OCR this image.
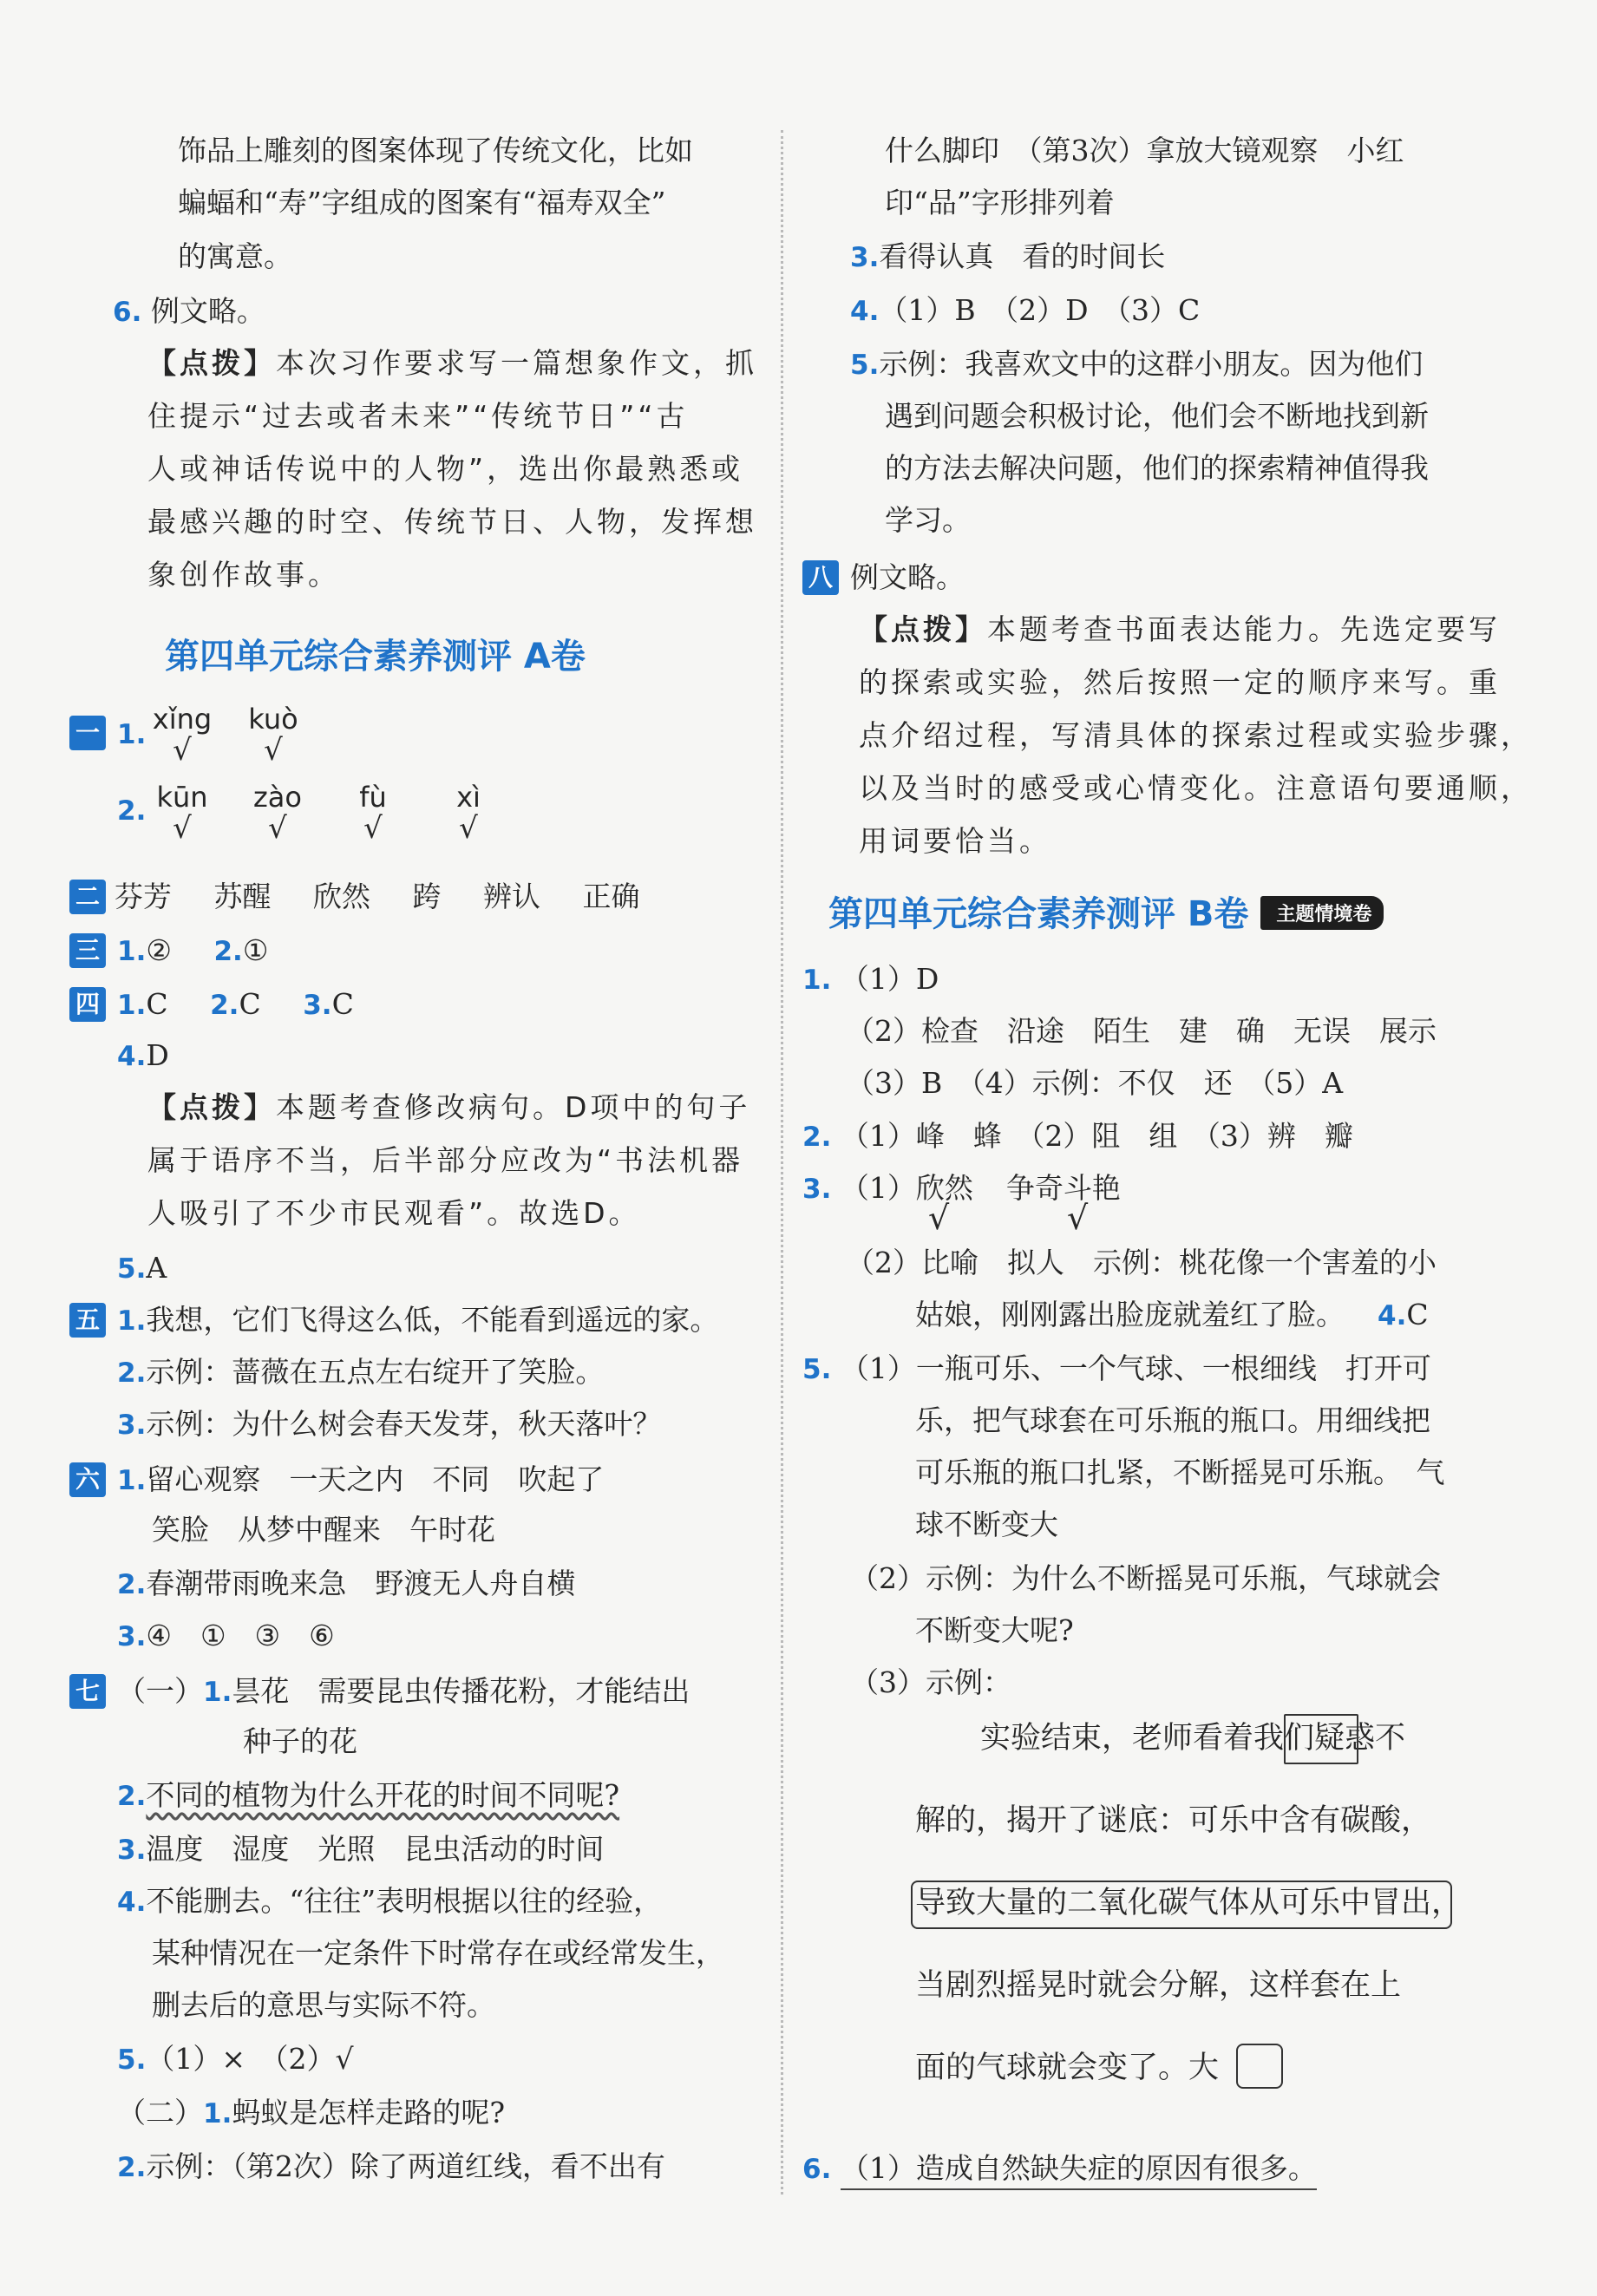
饰品上雕刻的图案体现了传统文化，比如
蝙蝠和“寿”字组成的图案有“福寿双全”
的寓意。
6. 例文略。
【点拨】本次习作要求写一篇想象作文，抓
住提示“过去或者未来”“传统节日”“古
人或神话传说中的人物”，选出你最熟悉或
最感兴趣的时空、传统节日、人物，发挥想
象创作故事。
第四单元综合素养测评 A卷
一 1. xǐng
√
kuò
√
2. kūn
√
zào
√
fù
√
xì
√
二 芬芳 苏醒 欣然 跨 辨认 正确
三 1.② 2.①
四 1.C 2.C 3.C
4.D
【点拨】本题考查修改病句。D项中的句子
属于语序不当，后半部分应改为“书法机器
人吸引了不少市民观看”。故选D。
5.A
五 1.我想，它们飞得这么低，不能看到遥远的家。
2.示例：蔷薇在五点左右绽开了笑脸。
3.示例：为什么树会春天发芽，秋天落叶？
六 1.留心观察　一天之内　不同　吹起了
笑脸　从梦中醒来　午时花
2.春潮带雨晚来急　野渡无人舟自横
3.④　①　③　⑥
七 （一）1.昙花　需要昆虫传播花粉，才能结出
种子的花
2.不同的植物为什么开花的时间不同呢?
3.温度　湿度　光照　昆虫活动的时间
4.不能删去。“往往”表明根据以往的经验，
某种情况在一定条件下时常存在或经常发生，
删去后的意思与实际不符。
5.（1）×　（2）√
（二）1.蚂蚁是怎样走路的呢?
2.示例：（第2次）除了两道红线，看不出有
什么脚印　（第3次）拿放大镜观察　小红
印“品”字形排列着
3.看得认真　看的时间长
4.（1）B　（2）D　（3）C
5.示例：我喜欢文中的这群小朋友。因为他们
遇到问题会积极讨论，他们会不断地找到新
的方法去解决问题，他们的探索精神值得我
学习。
八 例文略。
【点拨】本题考查书面表达能力。先选定要写
的探索或实验，然后按照一定的顺序来写。重
点介绍过程，写清具体的探索过程或实验步骤，
以及当时的感受或心情变化。注意语句要通顺，
用词要恰当。
第四单元综合素养测评 B卷 主题情境卷
1. （1）D
（2）检查　沿途　陌生　建　确　无误　展示
（3）B　（4）示例：不仅　还　（5）A
2. （1）峰　蜂　（2）阻　组　（3）辨　瓣
3. （1）欣然 争奇斗艳
√	√
（2）比喻　拟人　示例：桃花像一个害羞的小
姑娘，刚刚露出脸庞就羞红了脸。 4.C
5. （1）一瓶可乐、一个气球、一根细线　打开可
乐，把气球套在可乐瓶的瓶口。用细线把
可乐瓶的瓶口扎紧，不断摇晃可乐瓶。　气
球不断变大
（2）示例：为什么不断摇晃可乐瓶，气球就会
不断变大呢?
（3）示例：
实验结束，老师看着我们疑惑不
解的，揭开了谜底：可乐中含有碳酸，
导致大量的二氧化碳气体从可乐中冒出，
当剧烈摇晃时就会分解，这样套在上
面的气球就会变了。大
6. （1）造成自然缺失症的原因有很多。
